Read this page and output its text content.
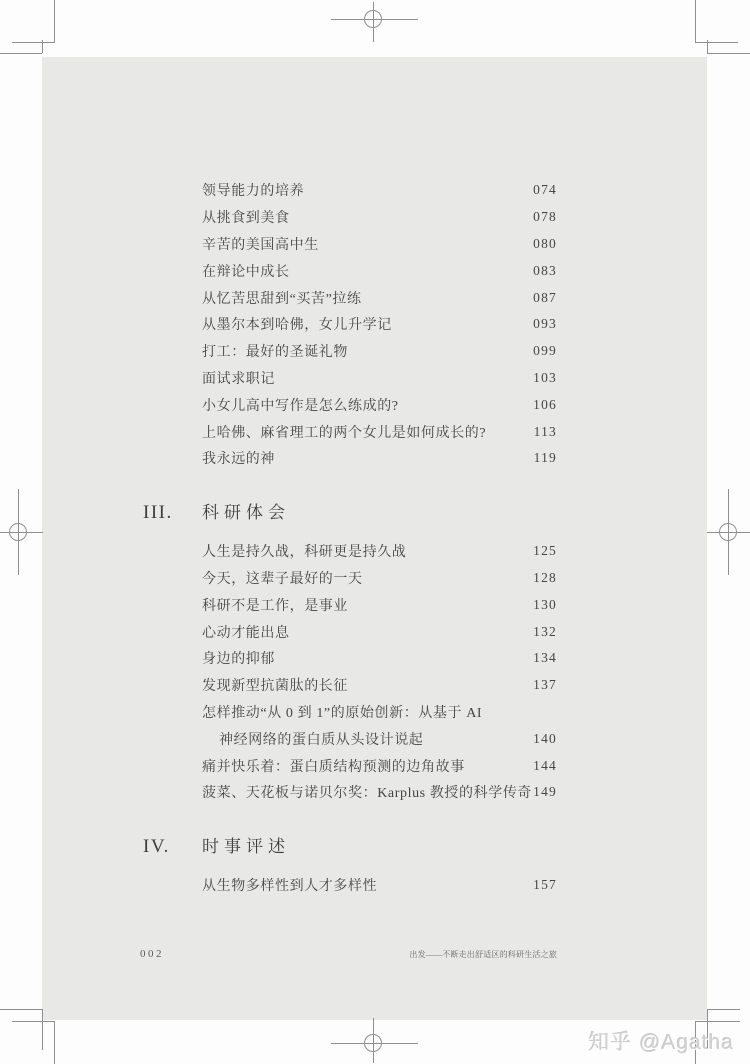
领导能力的培养	074
从挑食到美食	078
辛苦的美国高中生	080
在辩论中成长	083
从忆苦思甜到“买苦”拉练	087
从墨尔本到哈佛，女儿升学记	093
打工：最好的圣诞礼物	099
面试求职记	103
小女儿高中写作是怎么练成的?	106
上哈佛、麻省理工的两个女儿是如何成长的?	113
我永远的神	119
III.	科研体会
人生是持久战，科研更是持久战	125
今天，这辈子最好的一天	128
科研不是工作，是事业	130
心动才能出息	132
身边的抑郁	134
发现新型抗菌肽的长征	137
怎样推动“从 0 到 1”的原始创新：从基于 AI
神经网络的蛋白质从头设计说起	140
痛并快乐着：蛋白质结构预测的边角故事	144
菠菜、天花板与诺贝尔奖：Karplus 教授的科学传奇 149
IV.	时事评述
从生物多样性到人才多样性	157
002	出发——不断走出舒适区的科研生活之旅
知乎 @Agatha
